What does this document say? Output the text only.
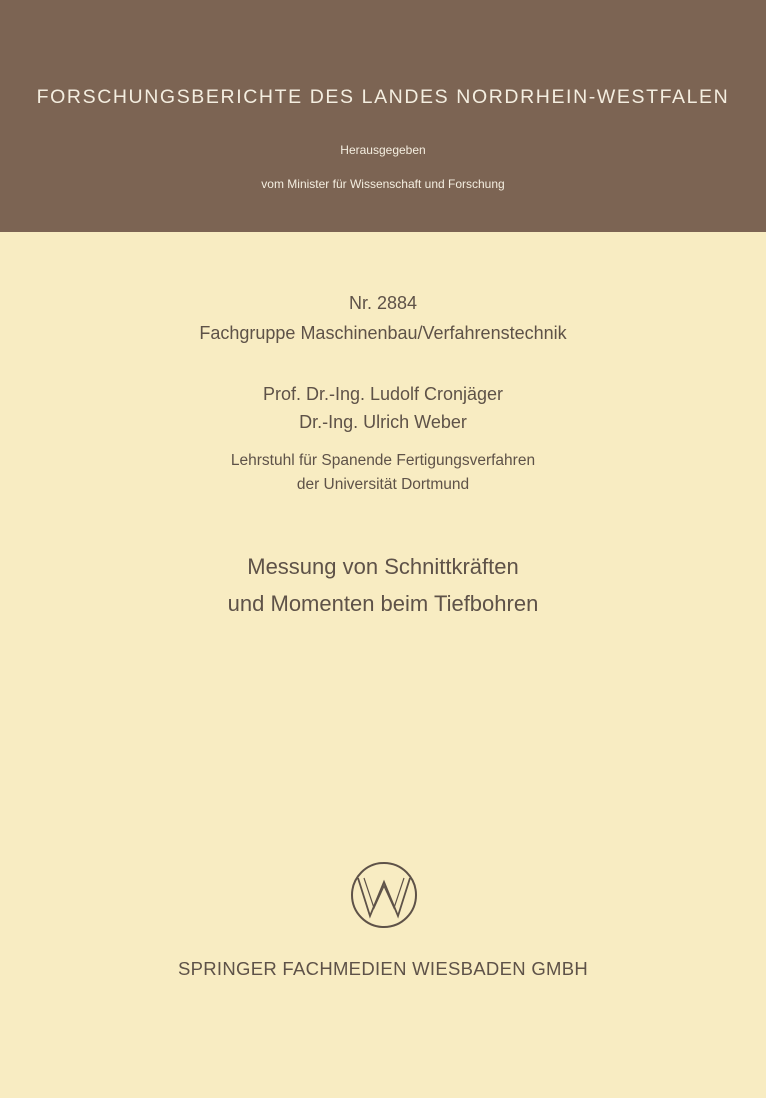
FORSCHUNGSBERICHTE DES LANDES NORDRHEIN-WESTFALEN
Herausgegeben
vom Minister für Wissenschaft und Forschung
Nr. 2884
Fachgruppe Maschinenbau/Verfahrenstechnik
Prof. Dr.-Ing. Ludolf Cronjäger
Dr.-Ing. Ulrich Weber
Lehrstuhl für Spanende Fertigungsverfahren
der Universität Dortmund
Messung von Schnittkräften
und Momenten beim Tiefbohren
SPRINGER FACHMEDIEN WIESBADEN GMBH
